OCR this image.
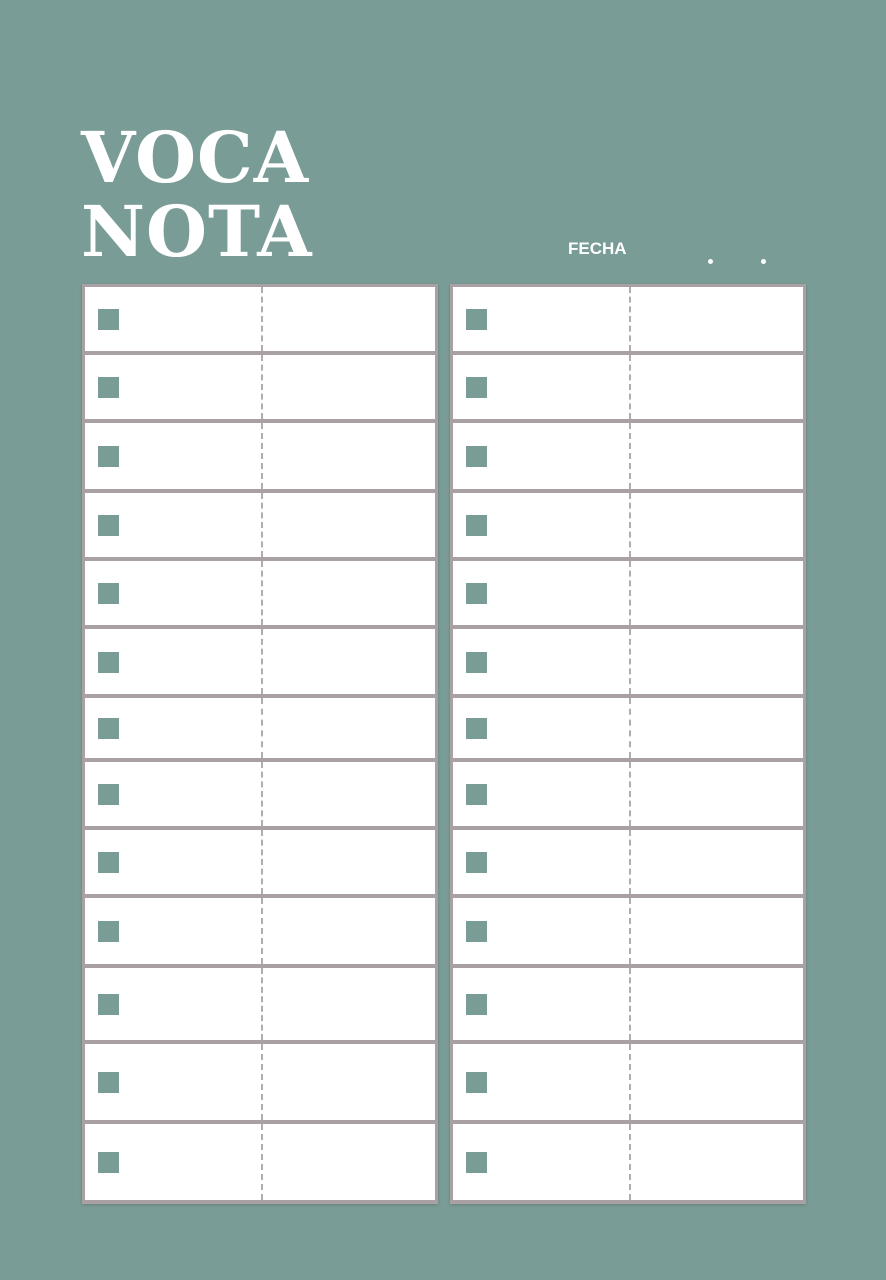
VOCA
NOTA	FECHA
